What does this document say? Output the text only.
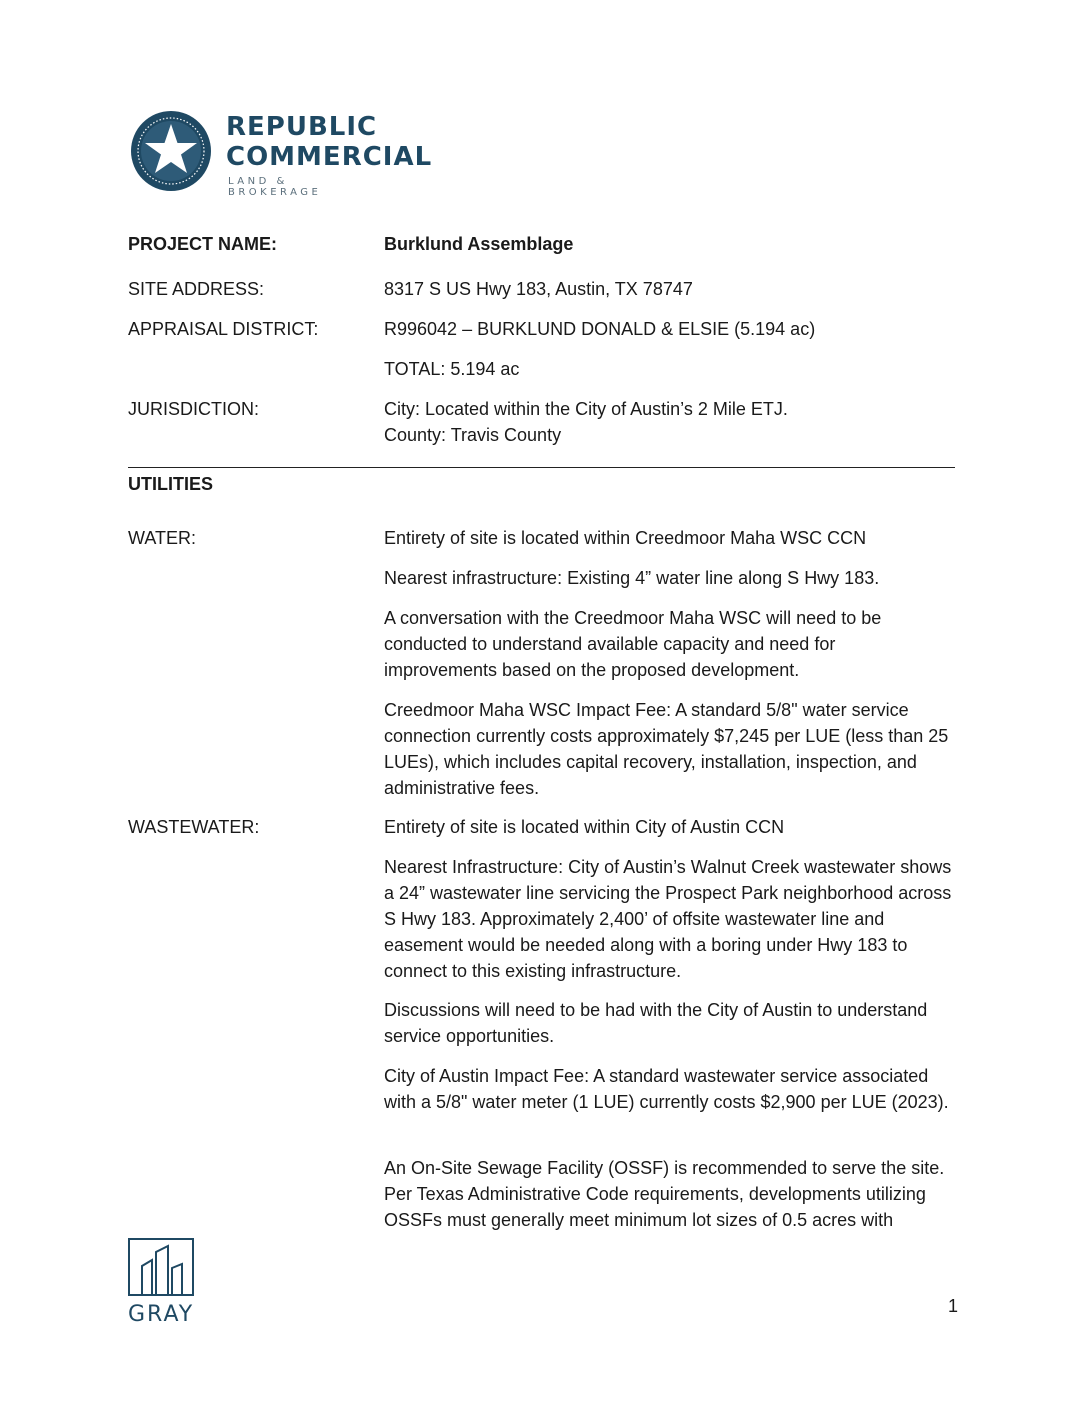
REPUBLIC
COMMERCIAL
LAND & BROKERAGE
PROJECT NAME:	Burklund Assemblage
SITE ADDRESS:	8317 S US Hwy 183, Austin, TX 78747
APPRAISAL DISTRICT:	R996042 – BURKLUND DONALD & ELSIE (5.194 ac)
TOTAL: 5.194 ac
JURISDICTION:	City: Located within the City of Austin’s 2 Mile ETJ.
County: Travis County
UTILITIES
WATER:	Entirety of site is located within Creedmoor Maha WSC CCN
Nearest infrastructure: Existing 4” water line along S Hwy 183.
A conversation with the Creedmoor Maha WSC will need to be conducted to understand available capacity and need for improvements based on the proposed development.
Creedmoor Maha WSC Impact Fee: A standard 5/8" water service connection currently costs approximately $7,245 per LUE (less than 25 LUEs), which includes capital recovery, installation, inspection, and administrative fees.
WASTEWATER:	Entirety of site is located within City of Austin CCN
Nearest Infrastructure: City of Austin’s Walnut Creek wastewater shows a 24” wastewater line servicing the Prospect Park neighborhood across S Hwy 183. Approximately 2,400’ of offsite wastewater line and easement would be needed along with a boring under Hwy 183 to connect to this existing infrastructure.
Discussions will need to be had with the City of Austin to understand service opportunities.
City of Austin Impact Fee: A standard wastewater service associated with a 5/8" water meter (1 LUE) currently costs $2,900 per LUE (2023).
An On-Site Sewage Facility (OSSF) is recommended to serve the site. Per Texas Administrative Code requirements, developments utilizing OSSFs must generally meet minimum lot sizes of 0.5 acres with
GRAY	1
